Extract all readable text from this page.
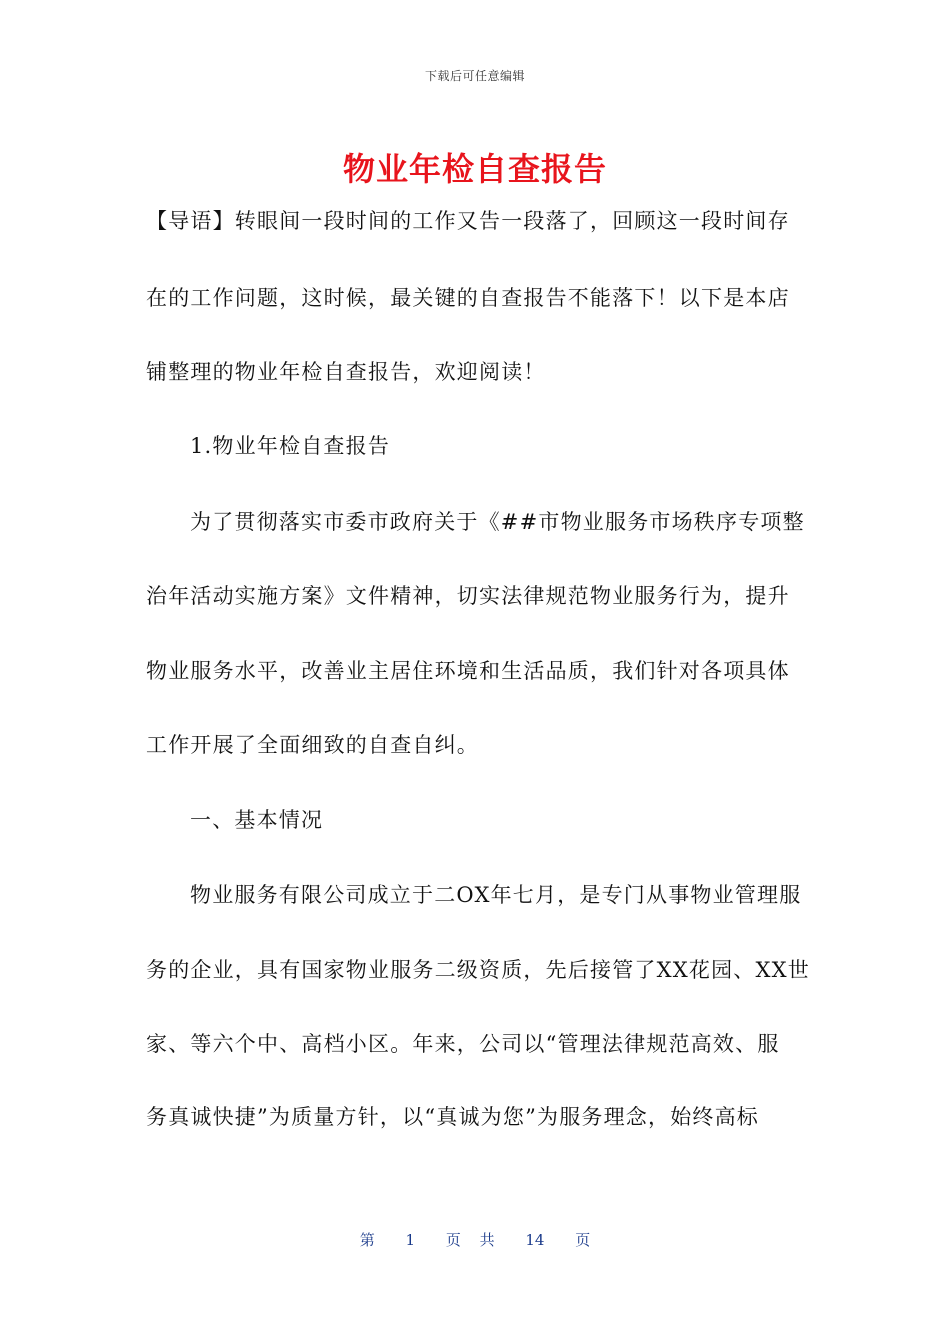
下载后可任意编辑
物业年检自查报告
【导语】转眼间一段时间的工作又告一段落了，回顾这一段时间存
在的工作问题，这时候，最关键的自查报告不能落下！以下是本店
铺整理的物业年检自查报告，欢迎阅读！
1.物业年检自查报告
为了贯彻落实市委市政府关于《##市物业服务市场秩序专项整
治年活动实施方案》文件精神，切实法律规范物业服务行为，提升
物业服务水平，改善业主居住环境和生活品质，我们针对各项具体
工作开展了全面细致的自查自纠。
一、基本情况
物业服务有限公司成立于二OX年七月，是专门从事物业管理服
务的企业，具有国家物业服务二级资质，先后接管了XX花园、XX世
家、等六个中、高档小区。年来，公司以“管理法律规范高效、服
务真诚快捷”为质量方针，以“真诚为您”为服务理念，始终高标
第 1 页 共 14 页
